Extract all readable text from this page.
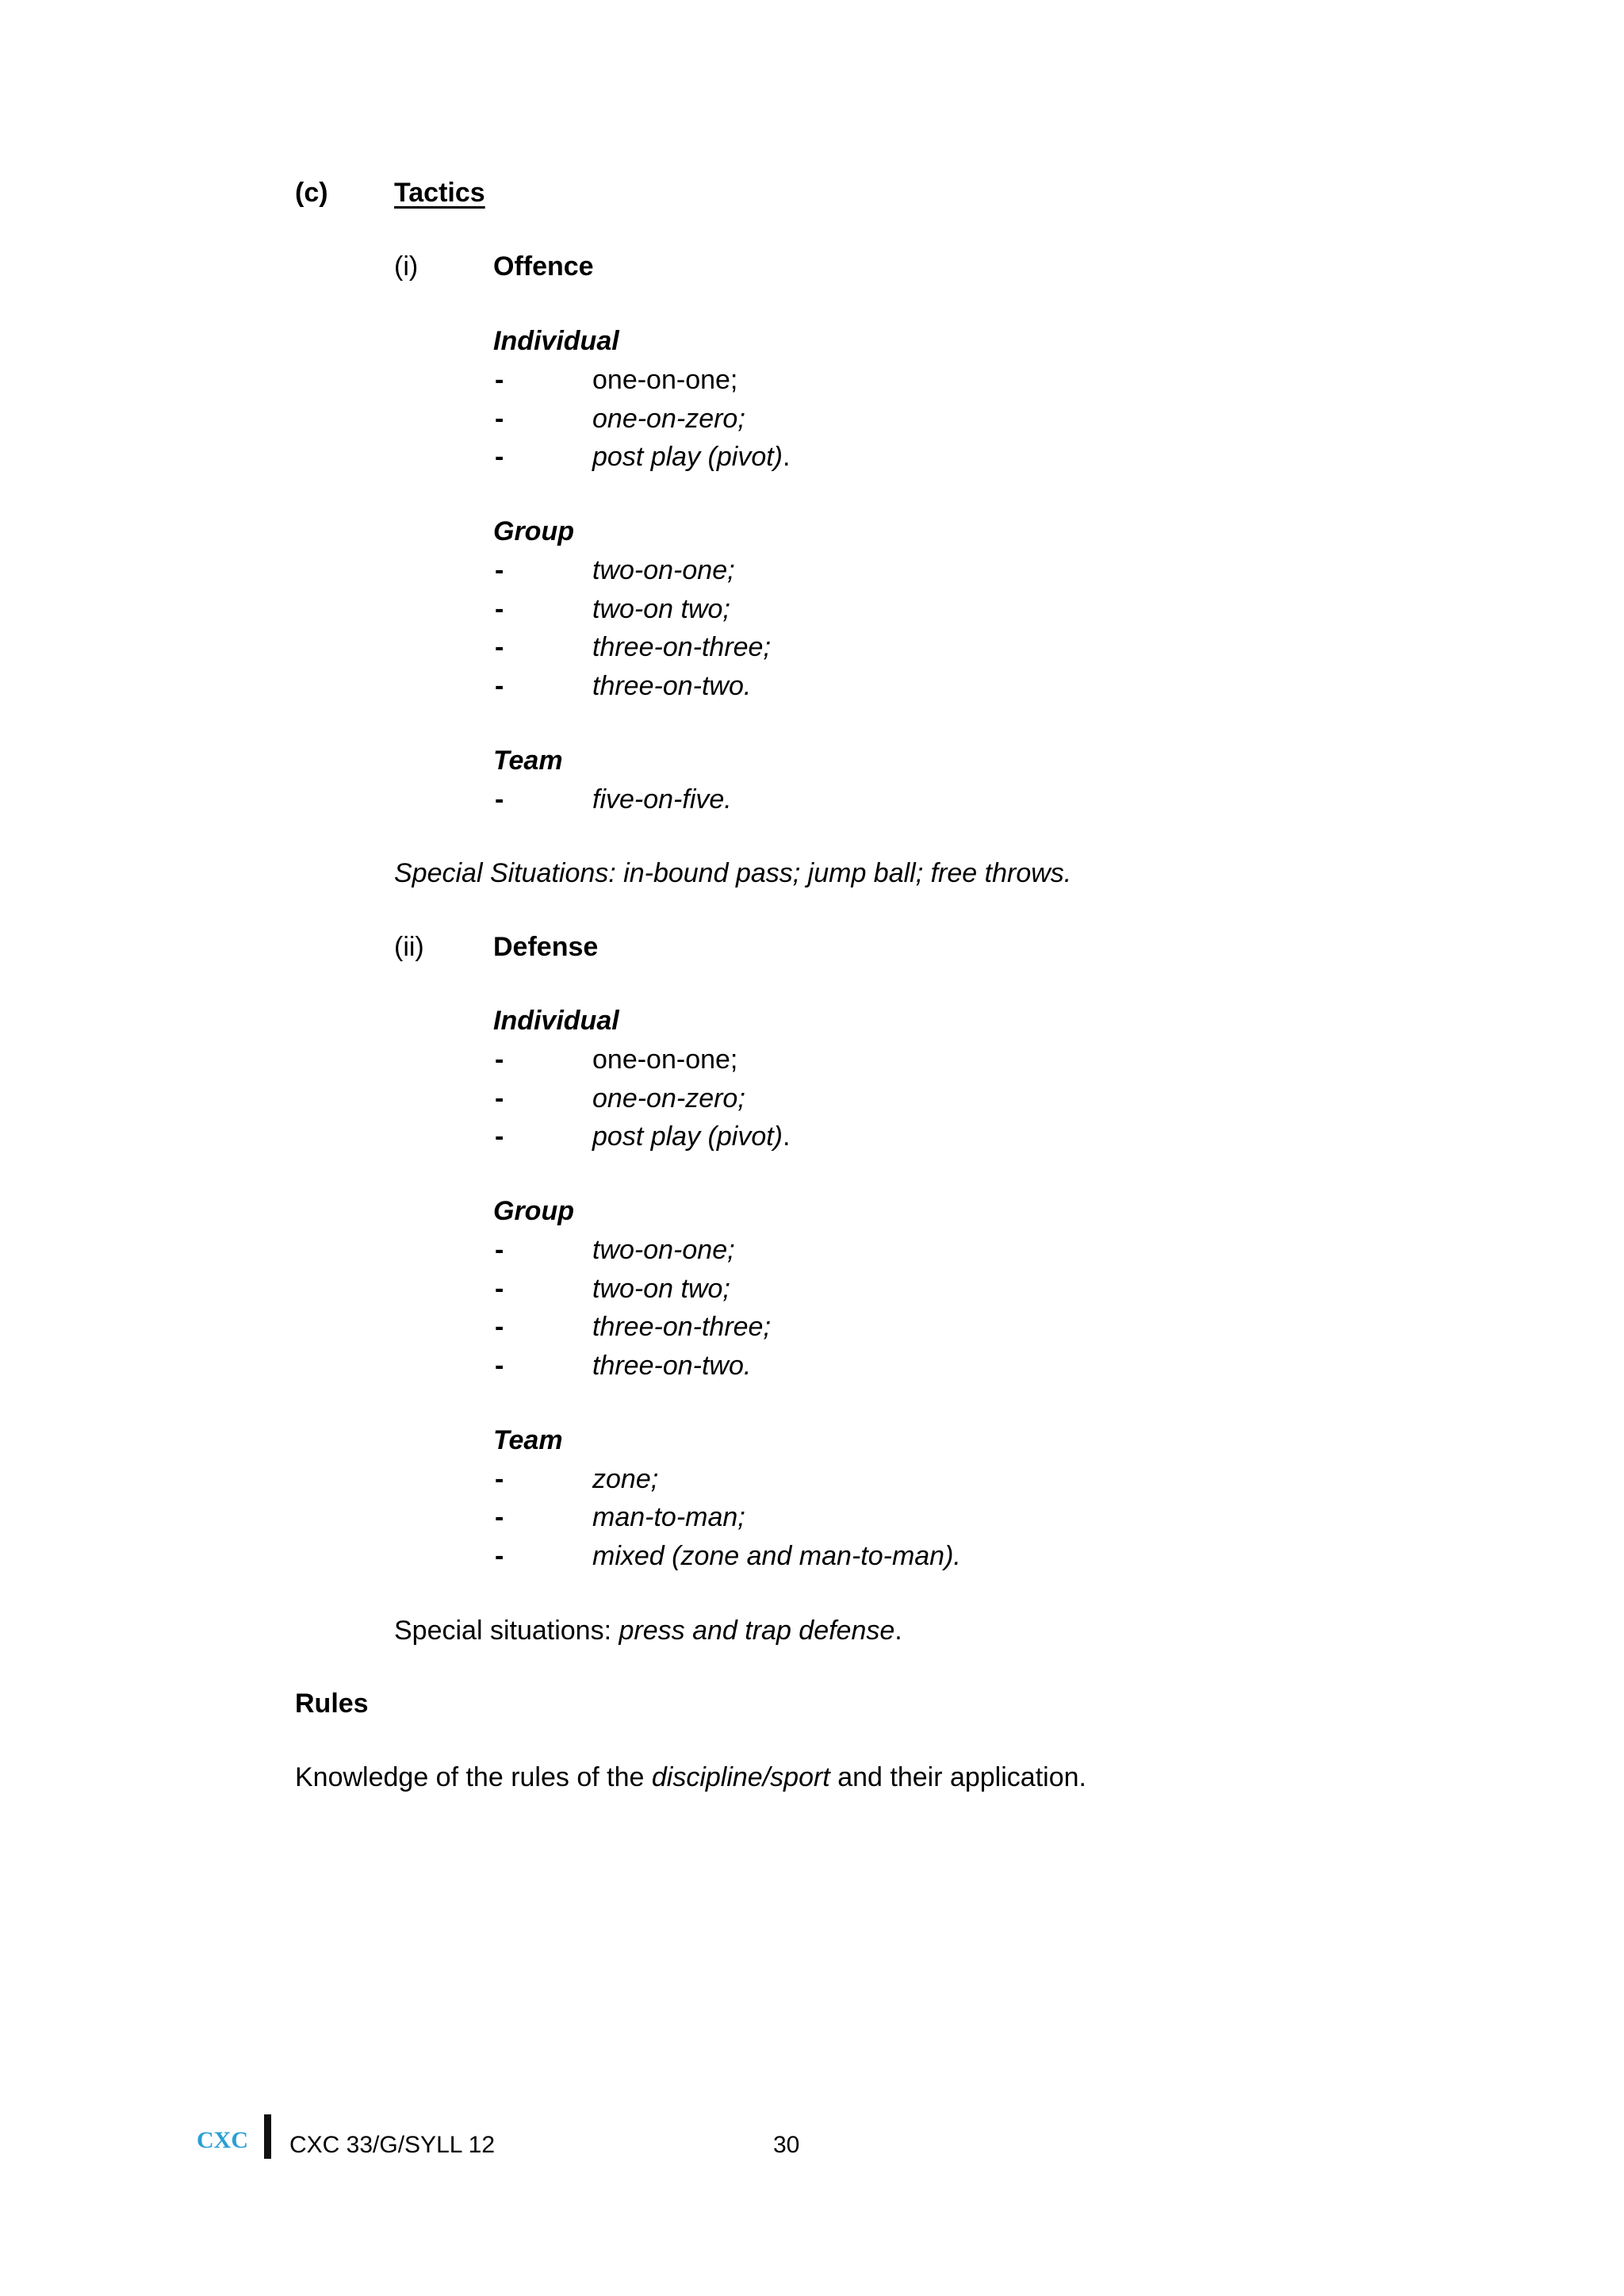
(c) Tactics
(i)	Offence
Individual
-	one-on-one;
-	one-on-zero;
-	post play (pivot).
Group
-	two-on-one;
-	two-on two;
-	three-on-three;
-	three-on-two.
Team
-	five-on-five.
Special Situations: in-bound pass; jump ball; free throws.
(ii)	Defense
Individual
-	one-on-one;
-	one-on-zero;
-	post play (pivot).
Group
-	two-on-one;
-	two-on two;
-	three-on-three;
-	three-on-two.
Team
-	zone;
-	man-to-man;
-	mixed (zone and man-to-man).
Special situations: press and trap defense.
Rules
Knowledge of the rules of the discipline/sport and their application.
CXC CXC 33/G/SYLL 12	30
